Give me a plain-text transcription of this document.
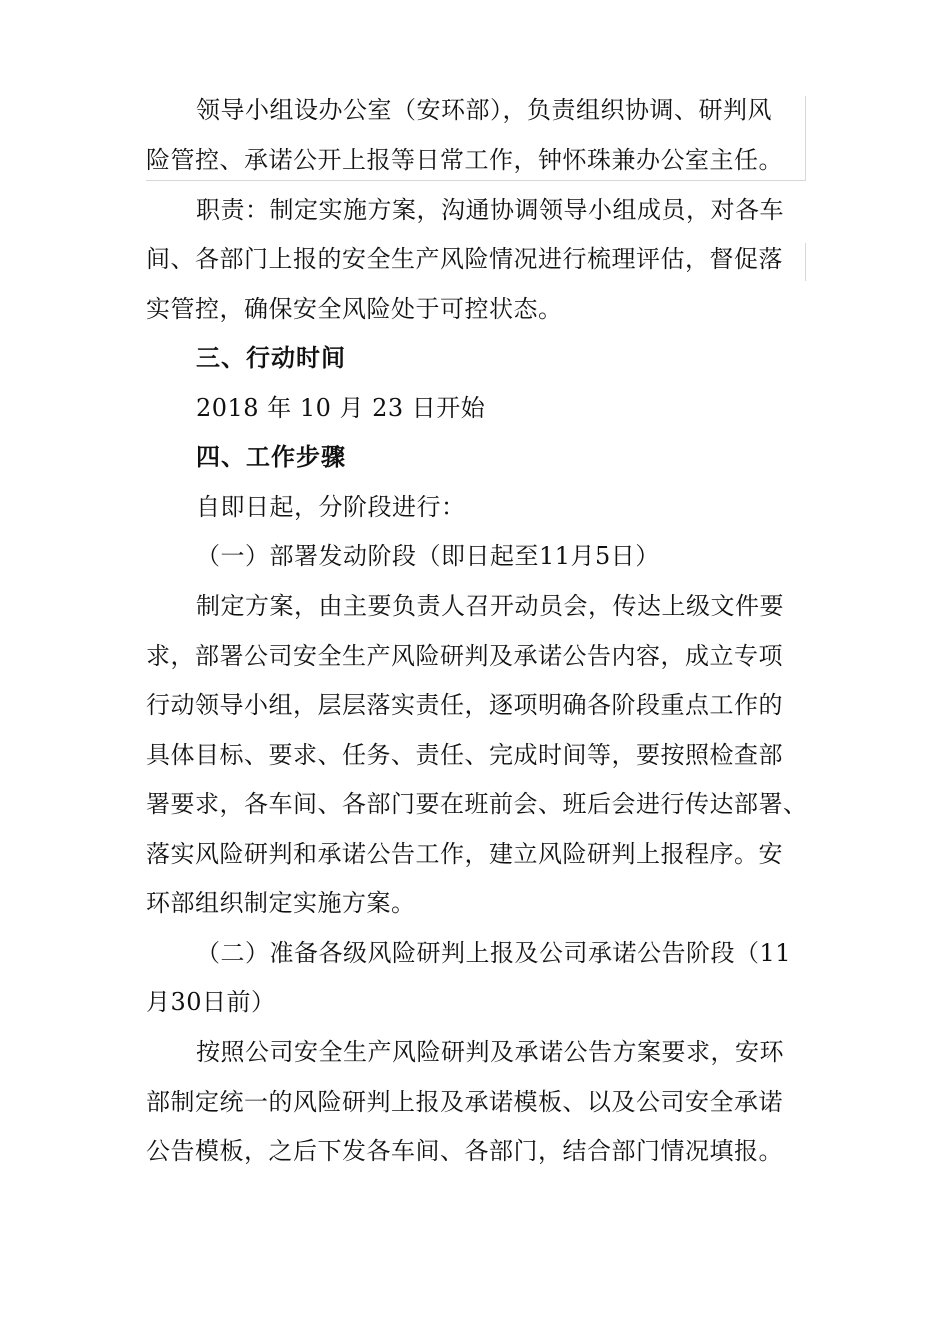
领导小组设办公室（安环部），负责组织协调、研判风
险管控、承诺公开上报等日常工作，钟怀珠兼办公室主任。
职责：制定实施方案，沟通协调领导小组成员，对各车
间、各部门上报的安全生产风险情况进行梳理评估，督促落
实管控，确保安全风险处于可控状态。
三、行动时间
2018 年 10 月 23 日开始
四、工作步骤
自即日起，分阶段进行：
（一）部署发动阶段（即日起至11月5日）
制定方案，由主要负责人召开动员会，传达上级文件要
求，部署公司安全生产风险研判及承诺公告内容，成立专项
行动领导小组，层层落实责任，逐项明确各阶段重点工作的
具体目标、要求、任务、责任、完成时间等，要按照检查部
署要求，各车间、各部门要在班前会、班后会进行传达部署、
落实风险研判和承诺公告工作，建立风险研判上报程序。安
环部组织制定实施方案。
（二）准备各级风险研判上报及公司承诺公告阶段（11
月30日前）
按照公司安全生产风险研判及承诺公告方案要求，安环
部制定统一的风险研判上报及承诺模板、以及公司安全承诺
公告模板，之后下发各车间、各部门，结合部门情况填报。
